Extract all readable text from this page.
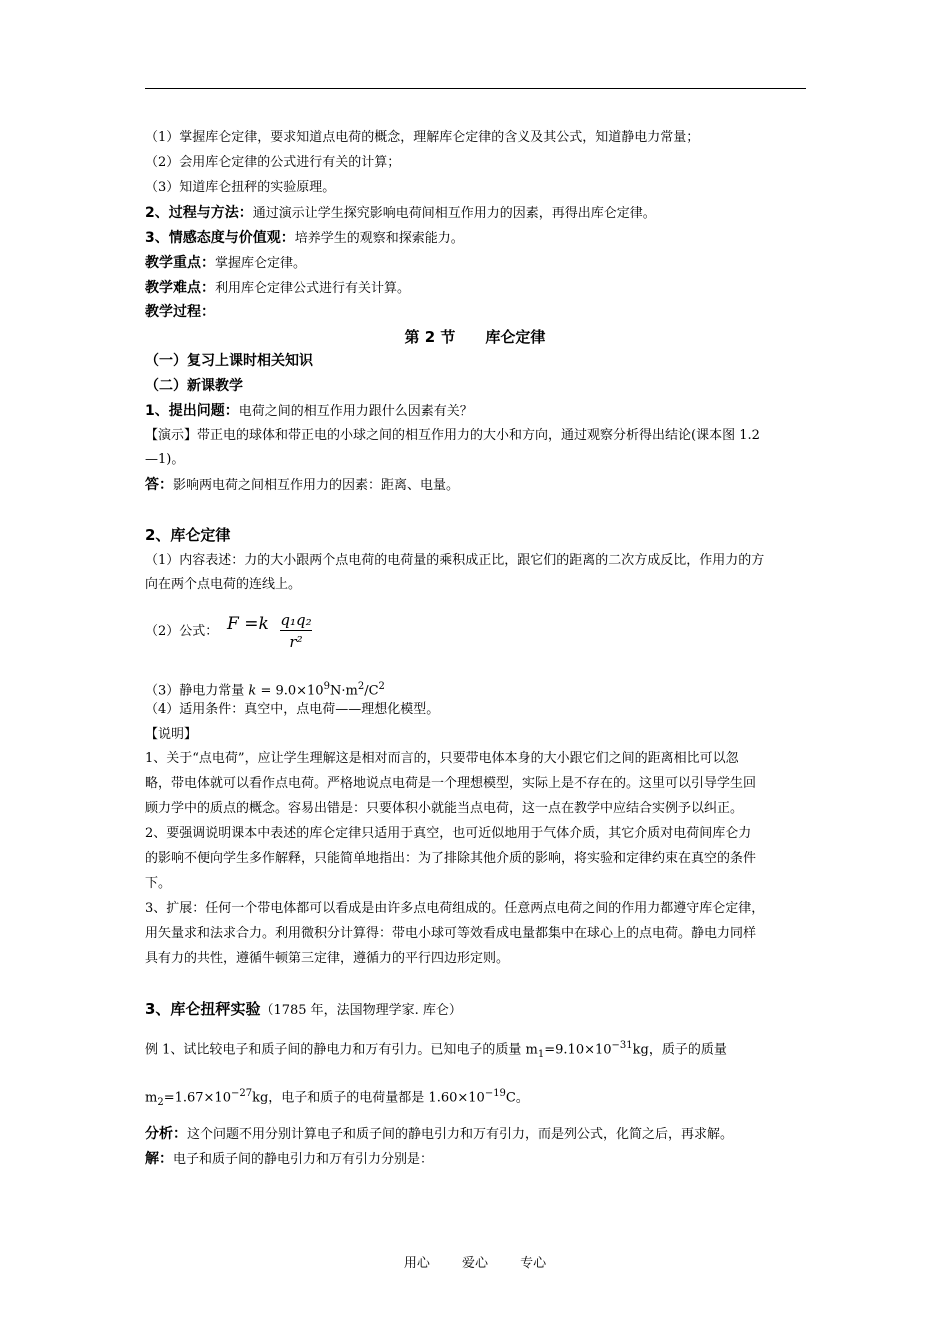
（1）掌握库仑定律，要求知道点电荷的概念，理解库仑定律的含义及其公式，知道静电力常量；
（2）会用库仑定律的公式进行有关的计算；
（3）知道库仑扭秤的实验原理。
2、过程与方法：通过演示让学生探究影响电荷间相互作用力的因素，再得出库仑定律。
3、情感态度与价值观：培养学生的观察和探索能力。
教学重点：掌握库仑定律。
教学难点：利用库仑定律公式进行有关计算。
教学过程：
第 2 节　　库仑定律
（一）复习上课时相关知识
（二）新课教学
1、提出问题：电荷之间的相互作用力跟什么因素有关？
【演示】带正电的球体和带正电的小球之间的相互作用力的大小和方向，通过观察分析得出结论(课本图 1.2
—1)。
答：影响两电荷之间相互作用力的因素：距离、电量。
2、库仑定律
（1）内容表述：力的大小跟两个点电荷的电荷量的乘积成正比，跟它们的距离的二次方成反比，作用力的方
向在两个点电荷的连线上。
（2）公式： $F =k \frac{\text{q₁q₂}}{\text{r²}}$
（3）静电力常量 $k = 9.0\times 10^9N\cdot m^2/C^2$
（4）适用条件：真空中，点电荷——理想化模型。
【说明】
1、关于“点电荷”，应让学生理解这是相对而言的，只要带电体本身的大小跟它们之间的距离相比可以忽
略，带电体就可以看作点电荷。严格地说点电荷是一个理想模型，实际上是不存在的。这里可以引导学生回
顾力学中的质点的概念。容易出错是：只要体积小就能当点电荷，这一点在教学中应结合实例予以纠正。
2、要强调说明课本中表述的库仑定律只适用于真空，也可近似地用于气体介质，其它介质对电荷间库仑力
的影响不便向学生多作解释，只能简单地指出：为了排除其他介质的影响，将实验和定律约束在真空的条件
下。
3、扩展：任何一个带电体都可以看成是由许多点电荷组成的。任意两点电荷之间的作用力都遵守库仑定律，
用矢量求和法求合力。利用微积分计算得：带电小球可等效看成电量都集中在球心上的点电荷。静电力同样
具有力的共性，遵循牛顿第三定律，遵循力的平行四边形定则。
3、库仑扭秤实验（1785 年，法国物理学家. 库仑）
例 1、试比较电子和质子间的静电力和万有引力。已知电子的质量 $m_1=9.10\times 10^{-31}kg$，质子的质量
$m_2=1.67\times 10^{-27}kg$，电子和质子的电荷量都是 $1.60\times 10^{-19}C$。
分析：这个问题不用分别计算电子和质子间的静电引力和万有引力，而是列公式，化简之后，再求解。
解：电子和质子间的静电引力和万有引力分别是：
用心 爱心 专心
